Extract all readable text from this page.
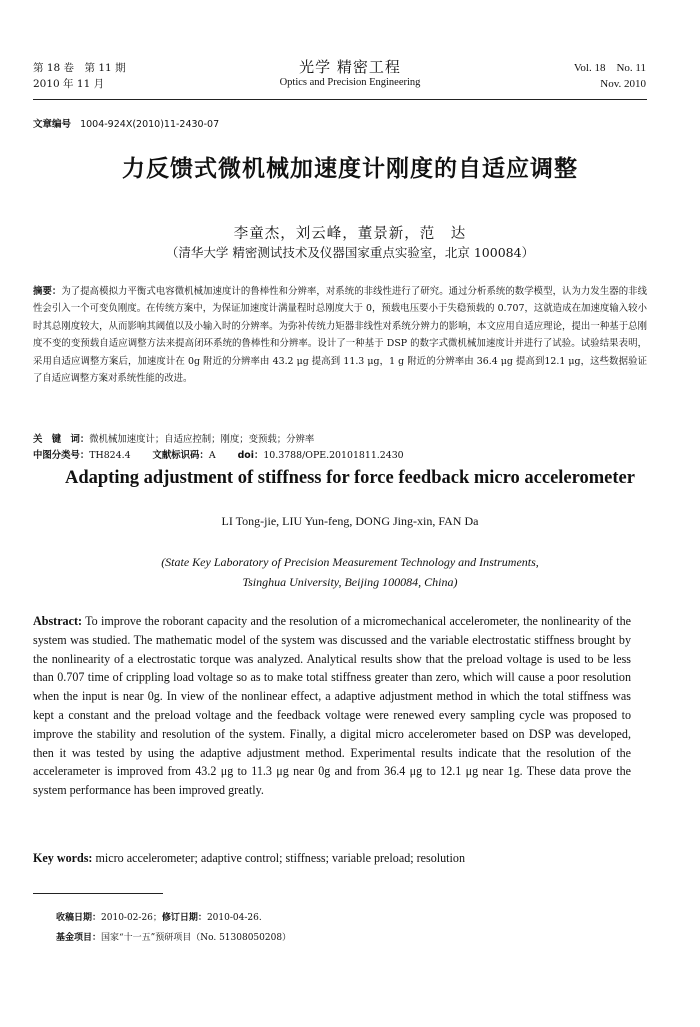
第 18 卷　第 11 期
2010 年 11 月
光学 精密工程
Optics and Precision Engineering
Vol. 18　No. 11
Nov. 2010
文章编号 1004-924X(2010)11-2430-07
力反馈式微机械加速度计刚度的自适应调整
李童杰，刘云峰，董景新，范　达
（清华大学 精密测试技术及仪器国家重点实验室，北京 100084）
摘要：为了提高模拟力平衡式电容微机械加速度计的鲁棒性和分辨率，对系统的非线性进行了研究。通过分析系统的数学模型，认为力发生器的非线性会引入一个可变负刚度。在传统方案中，为保证加速度计满量程时总刚度大于 0，预载电压要小于失稳预载的 0.707，这就造成在加速度输入较小时其总刚度较大，从而影响其阈值以及小输入时的分辨率。为弥补传统力矩器非线性对系统分辨力的影响，本文应用自适应理论，提出一种基于总刚度不变的变预载自适应调整方法来提高闭环系统的鲁棒性和分辨率。设计了一种基于 DSP 的数字式微机械加速度计并进行了试验。试验结果表明，采用自适应调整方案后，加速度计在 0g 附近的分辨率由 43.2 μg 提高到 11.3 μg，1 g 附近的分辨率由 36.4 μg 提高到12.1 μg，这些数据验证了自适应调整方案对系统性能的改进。
关　键　词：微机械加速度计；自适应控制；刚度；变预载；分辨率
中图分类号：TH824.4 文献标识码：A doi：10.3788/OPE.20101811.2430
Adapting adjustment of stiffness for force feedback micro accelerometer
LI Tong-jie, LIU Yun-feng, DONG Jing-xin, FAN Da
(State Key Laboratory of Precision Measurement Technology and Instruments,
Tsinghua University, Beijing 100084, China)
Abstract: To improve the roborant capacity and the resolution of a micromechanical accelerometer, the nonlinearity of the system was studied. The mathematic model of the system was discussed and the variable electrostatic stiffness brought by the nonlinearity of a electrostatic torque was analyzed. Analytical results show that the preload voltage is used to be less than 0.707 time of crippling load voltage so as to make total stiffness greater than zero, which will cause a poor resolution when the input is near 0g. In view of the nonlinear effect, a adaptive adjustment method in which the total stiffness was kept a constant and the preload voltage and the feedback voltage were renewed every sampling cycle was proposed to improve the stability and resolution of the system. Finally, a digital micro accelerometer based on DSP was developed, then it was tested by using the adaptive adjustment method. Experimental results indicate that the resolution of the accelerameter is improved from 43.2 μg to 11.3 μg near 0g and from 36.4 μg to 12.1 μg near 1g. These data prove the system performance has been improved greatly.
Key words: micro accelerometer; adaptive control; stiffness; variable preload; resolution
收稿日期：2010-02-26；修订日期：2010-04-26.
基金项目：国家“十一五”预研项目（No. 51308050208）
